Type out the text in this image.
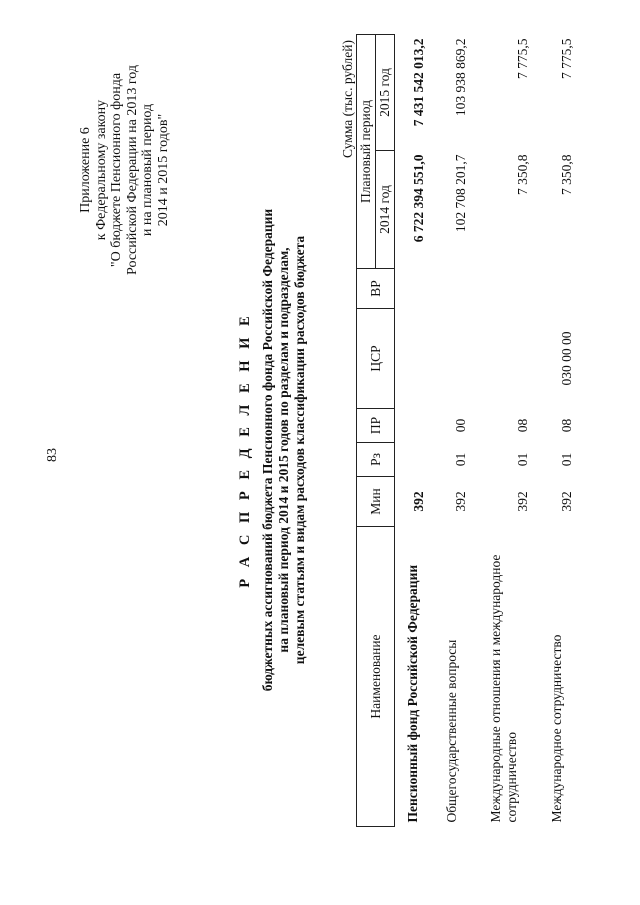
83
Приложение 6 к Федеральному закону "О бюджете Пенсионного фонда Российской Федерации на 2013 год и на плановый период 2014 и 2015 годов"
Р А С П Р Е Д Е Л Е Н И Е бюджетных ассигнований бюджета Пенсионного фонда Российской Федерации на плановый период 2014 и 2015 годов по разделам и подразделам, целевым статьям и видам расходов классификации расходов бюджета
Сумма (тыс. рублей)
Наименование	Мин	Рз	ПР	ЦСР	ВР	Плановый период	
						2014 год	2015 год
Пенсионный фонд Российской Федерации	392					6 722 394 551,0	7 431 542 013,2
Общегосударственные вопросы	392	01	00			102 708 201,7	103 938 869,2
Международные отношения и международное сотрудничество	392	01	08			7 350,8	7 775,5
Международное сотрудничество	392	01	08	030 00 00		7 350,8	7 775,5
